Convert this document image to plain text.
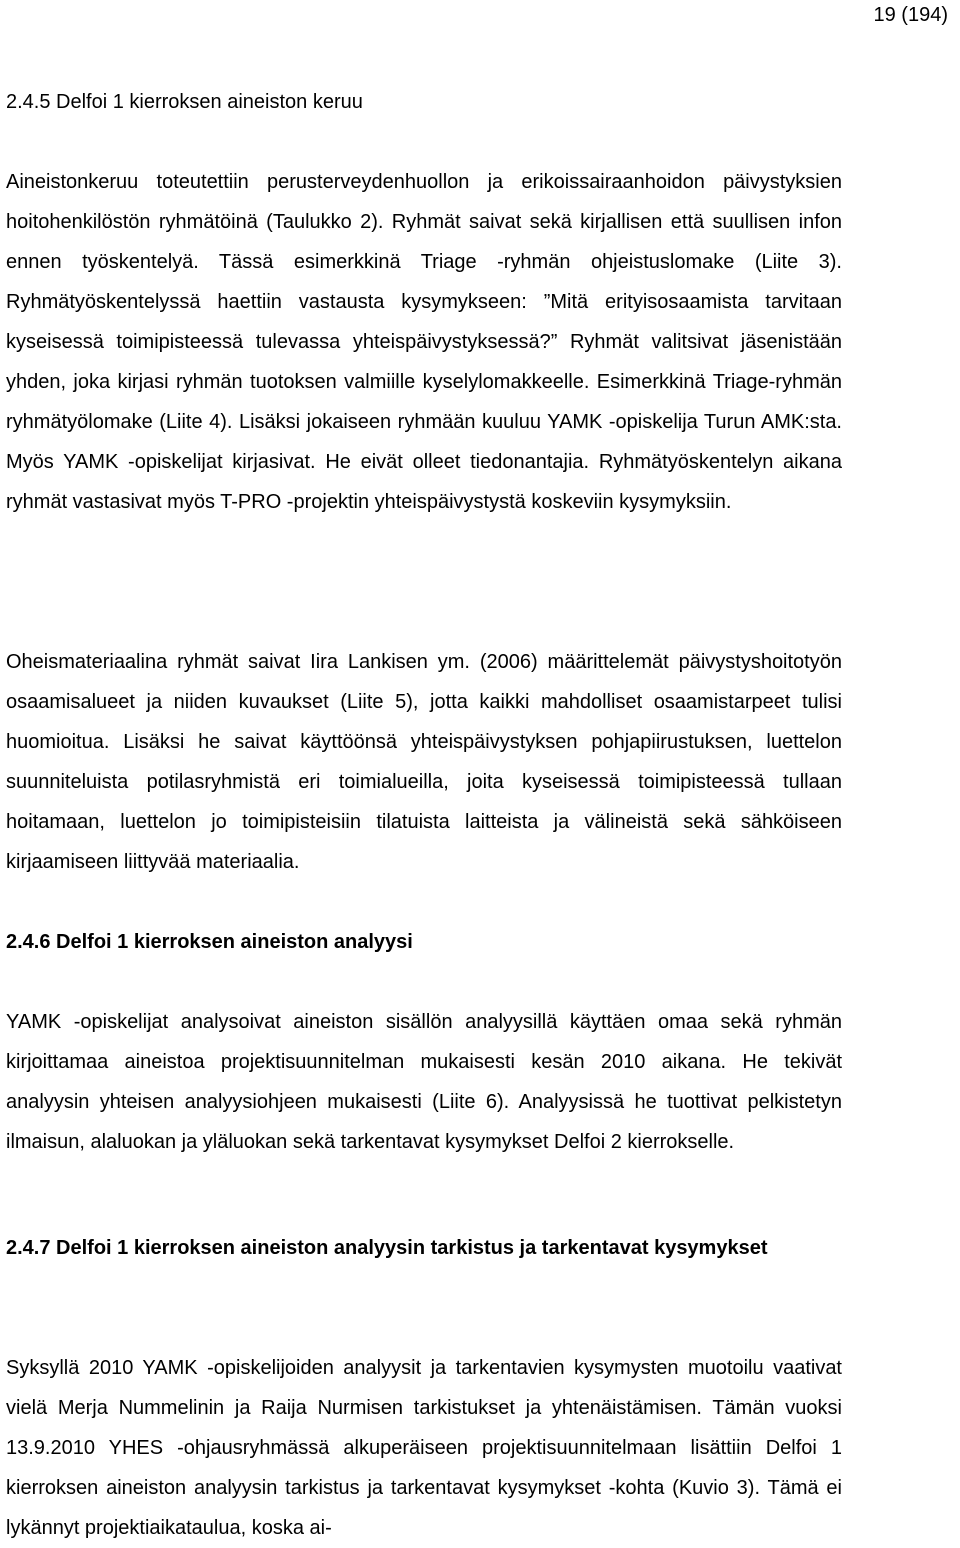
19 (194)

2.4.5 Delfoi 1 kierroksen aineiston keruu

Aineistonkeruu toteutettiin perusterveydenhuollon ja erikoissairaanhoidon päivystyksien hoitohenkilöstön ryhmätöinä (Taulukko 2). Ryhmät saivat sekä kirjallisen että suullisen infon ennen työskentelyä. Tässä esimerkkinä Triage -ryhmän ohjeistuslomake (Liite 3). Ryhmätyöskentelyssä haettiin vastausta kysymykseen: ”Mitä erityisosaamista tarvitaan kyseisessä toimipisteessä tulevassa yhteispäivystyksessä?” Ryhmät valitsivat jäsenistään yhden, joka kirjasi ryhmän tuotoksen valmiille kyselylomakkeelle. Esimerkkinä Triage-ryhmän ryhmätyölomake (Liite 4). Lisäksi jokaiseen ryhmään kuuluu YAMK -opiskelija Turun AMK:sta. Myös YAMK -opiskelijat kirjasivat. He eivät olleet tiedonantajia. Ryhmätyöskentelyn aikana ryhmät vastasivat myös T-PRO -projektin yhteispäivystystä koskeviin kysymyksiin.

Oheismateriaalina ryhmät saivat Iira Lankisen ym. (2006) määrittelemät päivystyshoitotyön osaamisalueet ja niiden kuvaukset (Liite 5), jotta kaikki mahdolliset osaamistarpeet tulisi huomioitua. Lisäksi he saivat käyttöönsä yhteispäivystyksen pohjapiirustuksen, luettelon suunniteluista potilasryhmistä eri toimialueilla, joita kyseisessä toimipisteessä tullaan hoitamaan, luettelon jo toimipisteisiin tilatuista laitteista ja välineistä sekä sähköiseen kirjaamiseen liittyvää materiaalia.

2.4.6 Delfoi 1 kierroksen aineiston analyysi

YAMK -opiskelijat analysoivat aineiston sisällön analyysillä käyttäen omaa sekä ryhmän kirjoittamaa aineistoa projektisuunnitelman mukaisesti kesän 2010 aikana. He tekivät analyysin yhteisen analyysiohjeen mukaisesti (Liite 6). Analyysissä he tuottivat pelkistetyn ilmaisun, alaluokan ja yläluokan sekä tarkentavat kysymykset Delfoi 2 kierrokselle.

2.4.7 Delfoi 1 kierroksen aineiston analyysin tarkistus ja tarkentavat kysymykset

Syksyllä 2010 YAMK -opiskelijoiden analyysit ja tarkentavien kysymysten muotoilu vaativat vielä Merja Nummelinin ja Raija Nurmisen tarkistukset ja yhtenäistämisen. Tämän vuoksi 13.9.2010 YHES -ohjausryhmässä alkuperäiseen projektisuunnitelmaan lisättiin Delfoi 1 kierroksen aineiston analyysin tarkistus ja tarkentavat kysymykset -kohta (Kuvio 3). Tämä ei lykännyt projektiaikataulua, koska ai-
